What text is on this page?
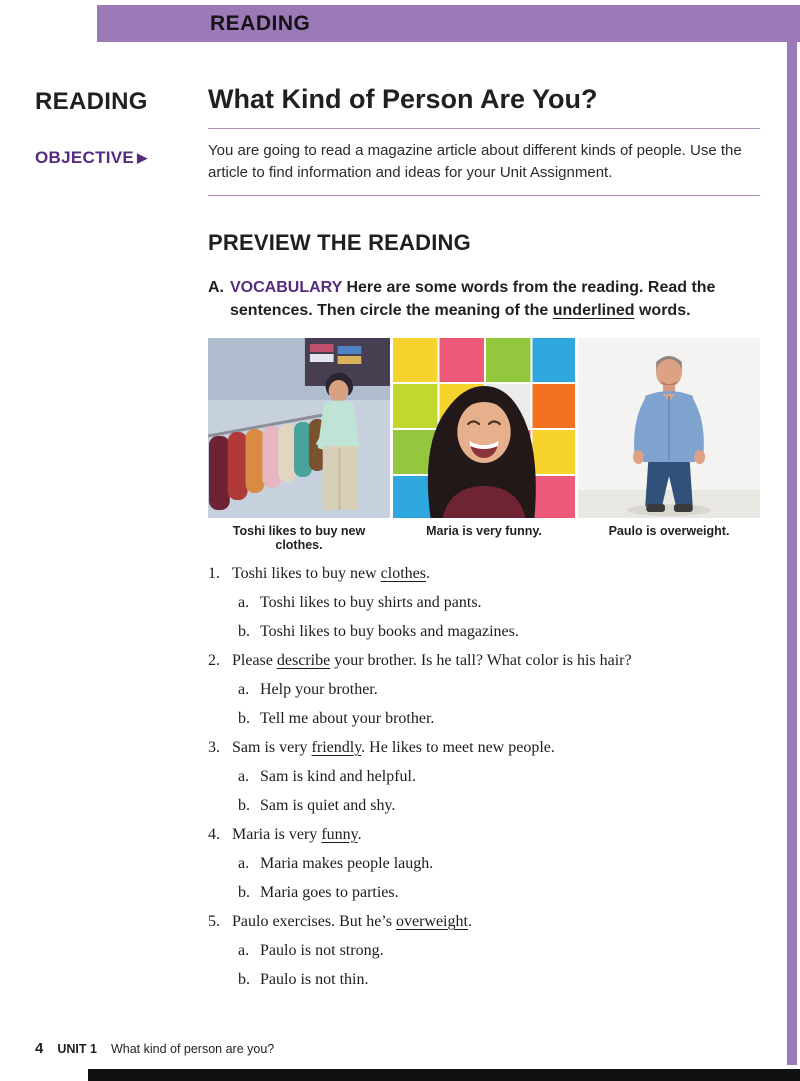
READING
READING
OBJECTIVE ▶
What Kind of Person Are You?

You are going to read a magazine article about different kinds of people. Use the article to find information and ideas for your Unit Assignment.

PREVIEW THE READING
A. VOCABULARY Here are some words from the reading. Read the sentences. Then circle the meaning of the underlined words.
Toshi likes to buy new clothes.
Maria is very funny.	Paulo is overweight.
1. Toshi likes to buy new clothes.
a. Toshi likes to buy shirts and pants.
b. Toshi likes to buy books and magazines.
2. Please describe your brother. Is he tall? What color is his hair?
a. Help your brother.
b. Tell me about your brother.
3. Sam is very friendly. He likes to meet new people.
a. Sam is kind and helpful.
b. Sam is quiet and shy.
4. Maria is very funny.
a. Maria makes people laugh.
b. Maria goes to parties.
5. Paulo exercises. But he’s overweight.
a. Paulo is not strong.
b. Paulo is not thin.
4 UNIT 1 What kind of person are you?
